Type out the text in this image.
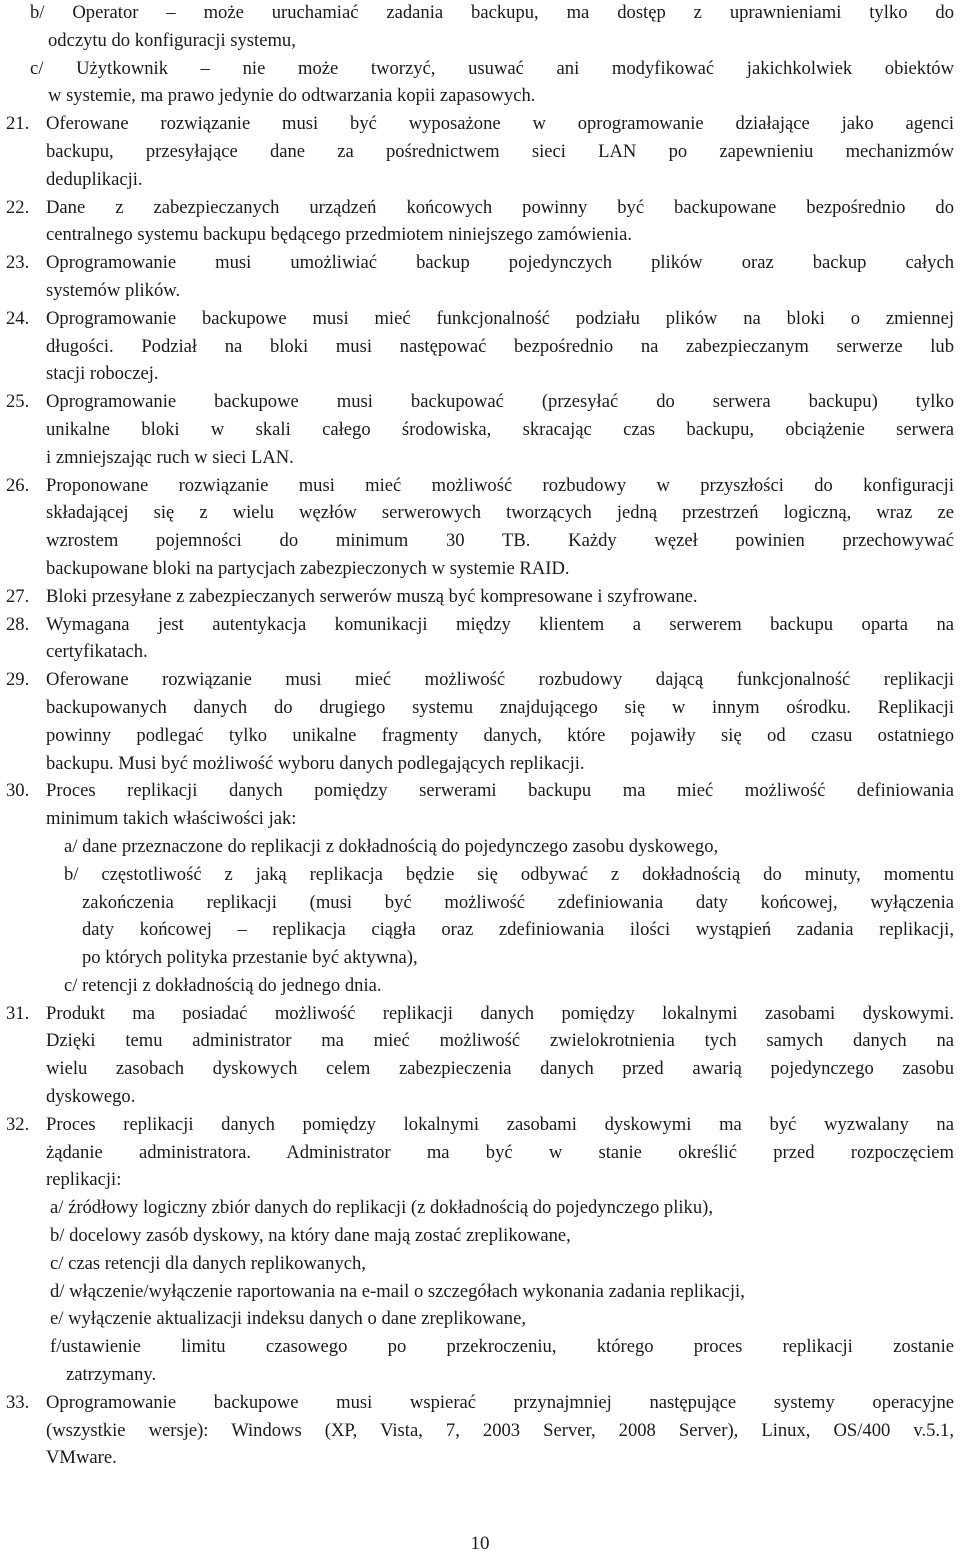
b/ Operator – może uruchamiać zadania backupu, ma dostęp z uprawnieniami tylko do
odczytu do konfiguracji systemu,
c/ Użytkownik – nie może tworzyć, usuwać ani modyfikować jakichkolwiek obiektów
w systemie, ma prawo jedynie do odtwarzania kopii zapasowych.
21. Oferowane rozwiązanie musi być wyposażone w oprogramowanie działające jako agenci
backupu, przesyłające dane za pośrednictwem sieci LAN po zapewnieniu mechanizmów
deduplikacji.
22. Dane z zabezpieczanych urządzeń końcowych powinny być backupowane bezpośrednio do
centralnego systemu backupu będącego przedmiotem niniejszego zamówienia.
23. Oprogramowanie musi umożliwiać backup pojedynczych plików oraz backup całych
systemów plików.
24. Oprogramowanie backupowe musi mieć funkcjonalność podziału plików na bloki o zmiennej
długości. Podział na bloki musi następować bezpośrednio na zabezpieczanym serwerze lub
stacji roboczej.
25. Oprogramowanie backupowe musi backupować (przesyłać do serwera backupu) tylko
unikalne bloki w skali całego środowiska, skracając czas backupu, obciążenie serwera
i zmniejszając ruch w sieci LAN.
26. Proponowane rozwiązanie musi mieć możliwość rozbudowy w przyszłości do konfiguracji
składającej się z wielu węzłów serwerowych tworzących jedną przestrzeń logiczną, wraz ze
wzrostem pojemności do minimum 30 TB. Każdy węzeł powinien przechowywać
backupowane bloki na partycjach zabezpieczonych w systemie RAID.
27. Bloki przesyłane z zabezpieczanych serwerów muszą być kompresowane i szyfrowane.
28. Wymagana jest autentykacja komunikacji między klientem a serwerem backupu oparta na
certyfikatach.
29. Oferowane rozwiązanie musi mieć możliwość rozbudowy dającą funkcjonalność replikacji
backupowanych danych do drugiego systemu znajdującego się w innym ośrodku. Replikacji
powinny podlegać tylko unikalne fragmenty danych, które pojawiły się od czasu ostatniego
backupu. Musi być możliwość wyboru danych podlegających replikacji.
30. Proces replikacji danych pomiędzy serwerami backupu ma mieć możliwość definiowania
minimum takich właściwości jak:
a/ dane przeznaczone do replikacji z dokładnością do pojedynczego zasobu dyskowego,
b/ częstotliwość z jaką replikacja będzie się odbywać z dokładnością do minuty, momentu
zakończenia replikacji (musi być możliwość zdefiniowania daty końcowej, wyłączenia
daty końcowej – replikacja ciągła oraz zdefiniowania ilości wystąpień zadania replikacji,
po których polityka przestanie być aktywna),
c/ retencji z dokładnością do jednego dnia.
31. Produkt ma posiadać możliwość replikacji danych pomiędzy lokalnymi zasobami dyskowymi.
Dzięki temu administrator ma mieć możliwość zwielokrotnienia tych samych danych na
wielu zasobach dyskowych celem zabezpieczenia danych przed awarią pojedynczego zasobu
dyskowego.
32. Proces replikacji danych pomiędzy lokalnymi zasobami dyskowymi ma być wyzwalany na
żądanie administratora. Administrator ma być w stanie określić przed rozpoczęciem
replikacji:
a/ źródłowy logiczny zbiór danych do replikacji (z dokładnością do pojedynczego pliku),
b/ docelowy zasób dyskowy, na który dane mają zostać zreplikowane,
c/ czas retencji dla danych replikowanych,
d/ włączenie/wyłączenie raportowania na e-mail o szczegółach wykonania zadania replikacji,
e/ wyłączenie aktualizacji indeksu danych o dane zreplikowane,
f/ustawienie limitu czasowego po przekroczeniu, którego proces replikacji zostanie
zatrzymany.
33. Oprogramowanie backupowe musi wspierać przynajmniej następujące systemy operacyjne
(wszystkie wersje): Windows (XP, Vista, 7, 2003 Server, 2008 Server), Linux, OS/400 v.5.1,
VMware.
10
